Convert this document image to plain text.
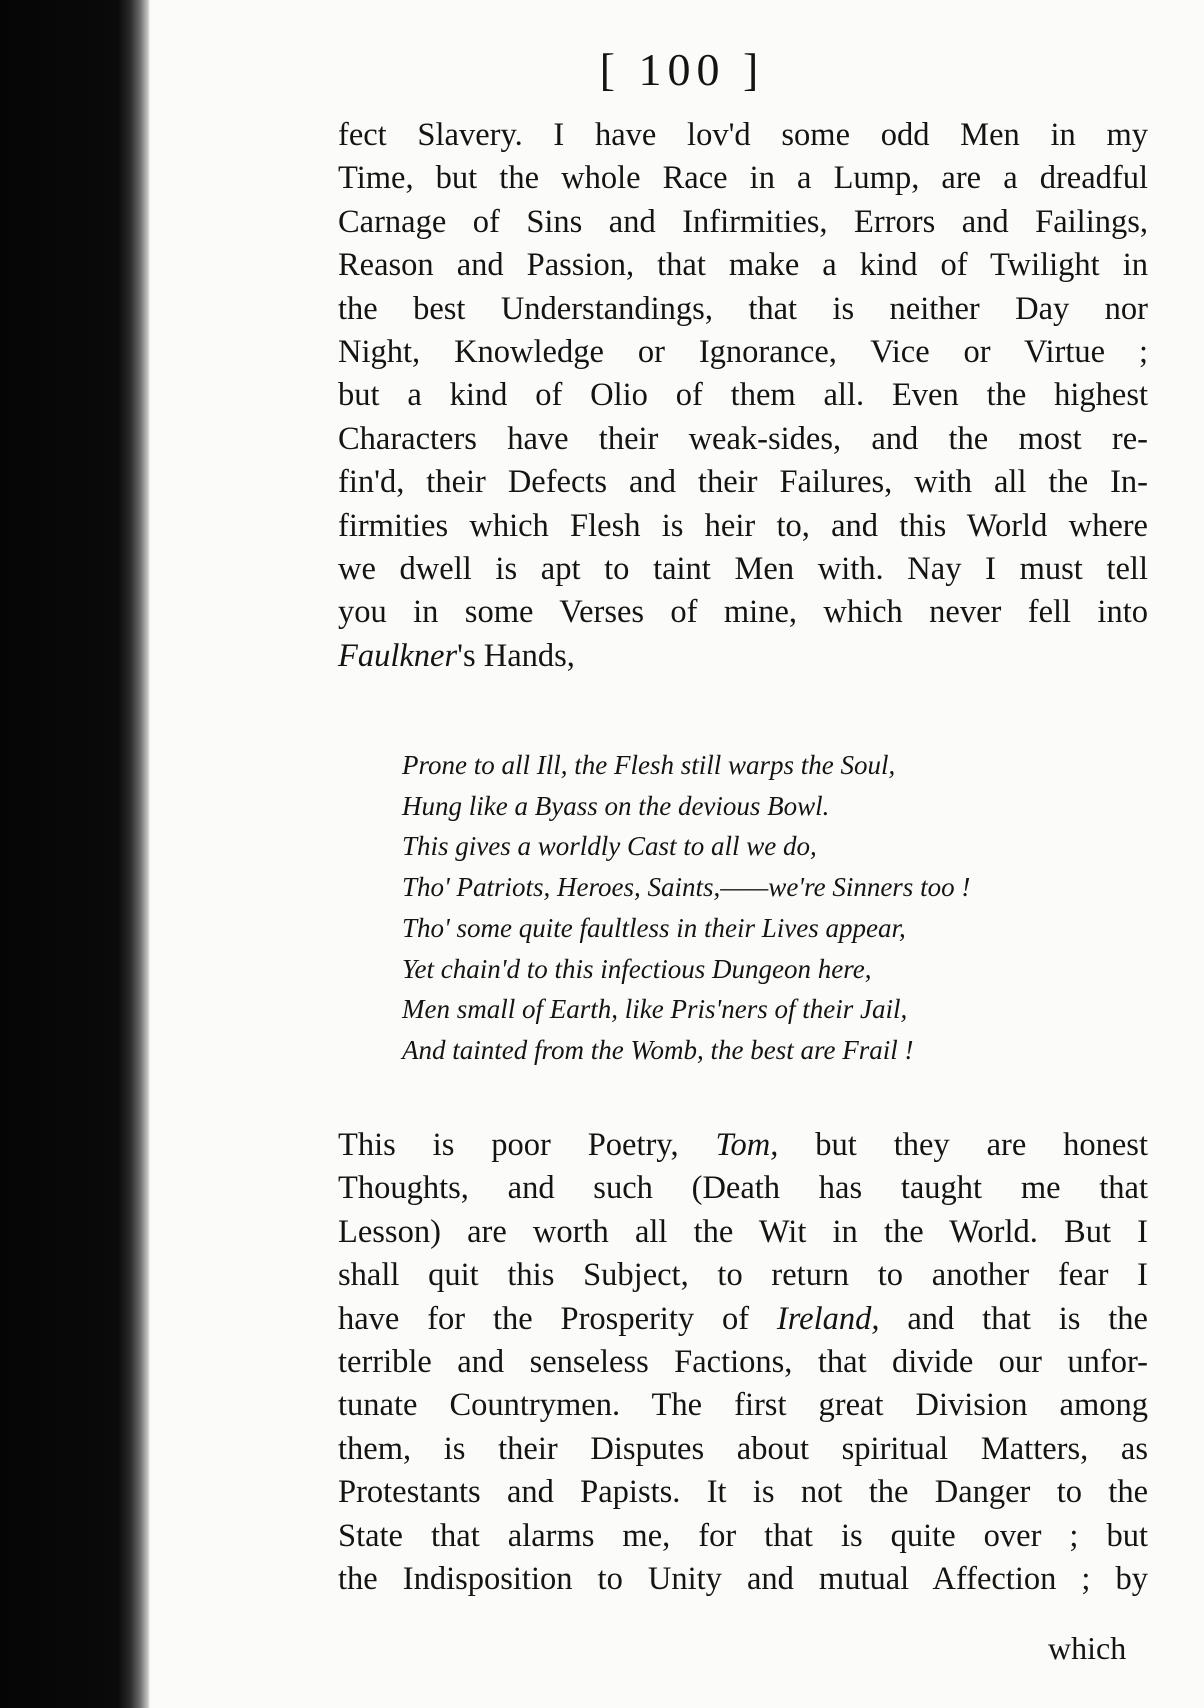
[ 100 ]
fect Slavery. I have lov'd some odd Men in my
Time, but the whole Race in a Lump, are a dreadful
Carnage of Sins and Infirmities, Errors and Failings,
Reason and Passion, that make a kind of Twilight in
the best Understandings, that is neither Day nor
Night, Knowledge or Ignorance, Vice or Virtue ;
but a kind of Olio of them all. Even the highest
Characters have their weak-sides, and the most re-
fin'd, their Defects and their Failures, with all the In-
firmities which Flesh is heir to, and this World where
we dwell is apt to taint Men with. Nay I must tell
you in some Verses of mine, which never fell into
Faulkner's Hands,
Prone to all Ill, the Flesh still warps the Soul,
Hung like a Byass on the devious Bowl.
This gives a worldly Cast to all we do,
Tho' Patriots, Heroes, Saints,——we're Sinners too !
Tho' some quite faultless in their Lives appear,
Yet chain'd to this infectious Dungeon here,
Men small of Earth, like Pris'ners of their Jail,
And tainted from the Womb, the best are Frail !
This is poor Poetry, Tom, but they are honest
Thoughts, and such (Death has taught me that
Lesson) are worth all the Wit in the World. But I
shall quit this Subject, to return to another fear I
have for the Prosperity of Ireland, and that is the
terrible and senseless Factions, that divide our unfor-
tunate Countrymen. The first great Division among
them, is their Disputes about spiritual Matters, as
Protestants and Papists. It is not the Danger to the
State that alarms me, for that is quite over ; but
the Indisposition to Unity and mutual Affection ; by
which
